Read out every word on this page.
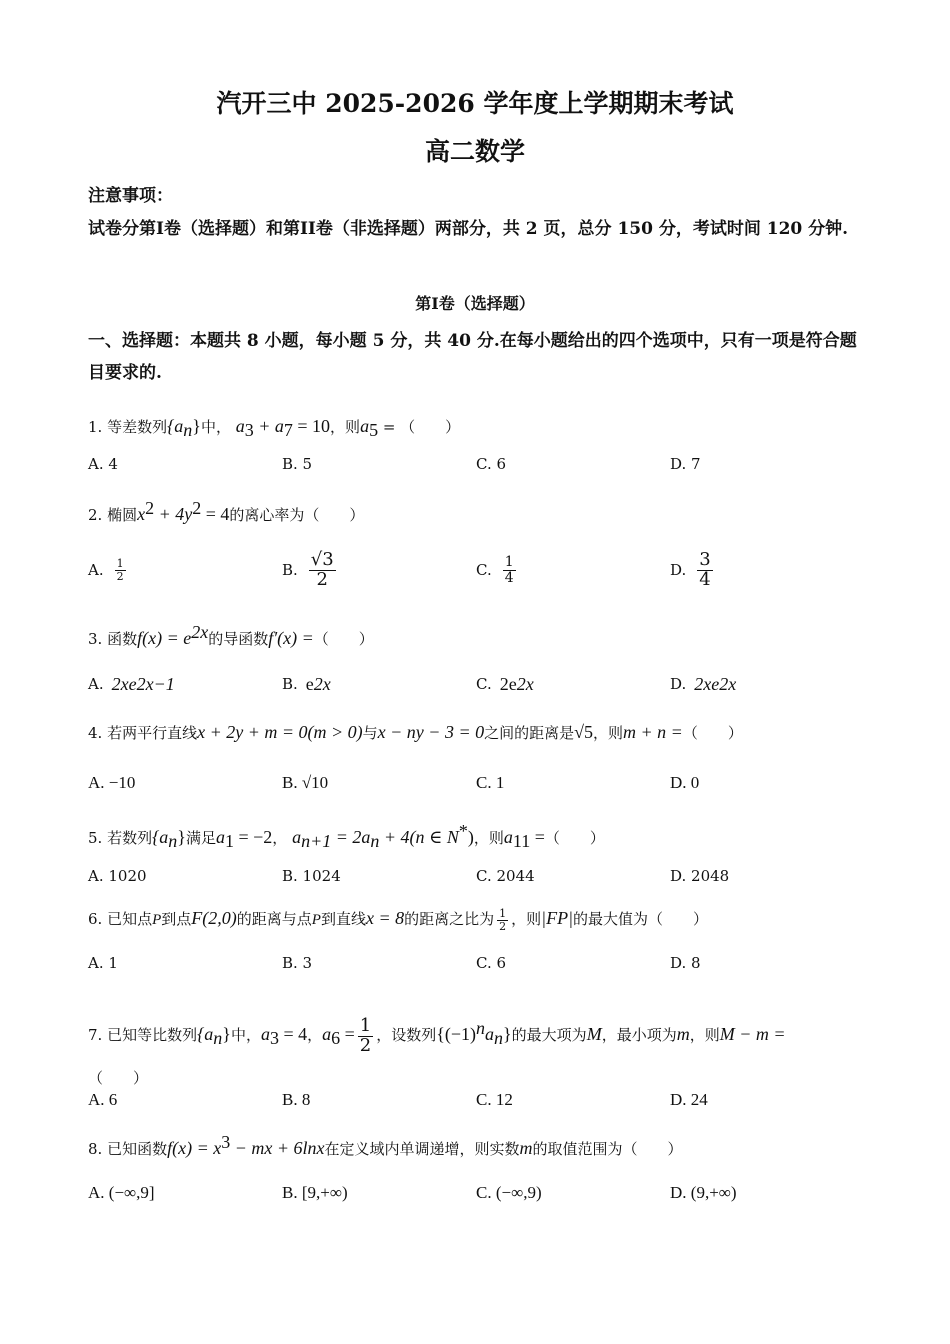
汽开三中 2025-2026 学年度上学期期末考试
高二数学
注意事项：
试卷分第I卷（选择题）和第II卷（非选择题）两部分，共 2 页，总分 150 分，考试时间 120 分钟.
第I卷（选择题）
一、选择题：本题共 8 小题，每小题 5 分，共 40 分.在每小题给出的四个选项中，只有一项是符合题目要求的.
1. 等差数列$\{a_n\}$中， $a_3 + a_7 = 10$，则$a_5$ = （　　）
A. 4	B. 5	C. 6	D. 7
2. 椭圆$x^2 + 4y^2 = 4$的离心率为（　　）
A. $\frac{1}{2}$	B. $\frac{√3}{2}$	C. $\frac{1}{4}$	D. $\frac{3}{4}$
3. 函数$f(x) = e^{2x}$的导函数f′(x) =（　　）
A. 2xe 2x−1	B. e 2x	C. 2e 2x	D. 2xe 2x
4. 若两平行直线x + 2y + m = 0(m > 0)与x − ny − 3 = 0之间的距离是√5，则m + n =（　　）
A. −10	B. √10	C. 1	D. 0
5. 若数列$\{a_n\}$满足$a_1 = -2$， $a_{n+1} = 2a_n + 4(n$ ∈ N*)，则$a_{11}$ =（　　）
A. 1020	B. 1024	C. 2044	D. 2048
6. 已知点P到点F(2,0)的距离与点P到直线x = 8的距离之比为 $\frac{1}{2}$ ，则|FP|的最大值为（　　）
A. 1	B. 3	C. 6	D. 8
7. 已知等比数列$\{a_n\}$中，$a_3 = 4$，$a_6 = \frac{1}{2}$ ，设数列$\{(-1)^na_n\}$的最大项为M，最小项为m，则M − m =
（　　）
A. 6	B. 8	C. 12	D. 24
8. 已知函数$f(x) = x^3$ − mx + 6lnx在定义域内单调递增，则实数m的取值范围为（　　）
A. (−∞,9]	B. [9,+∞)	C. (−∞,9)	D. (9,+∞)
